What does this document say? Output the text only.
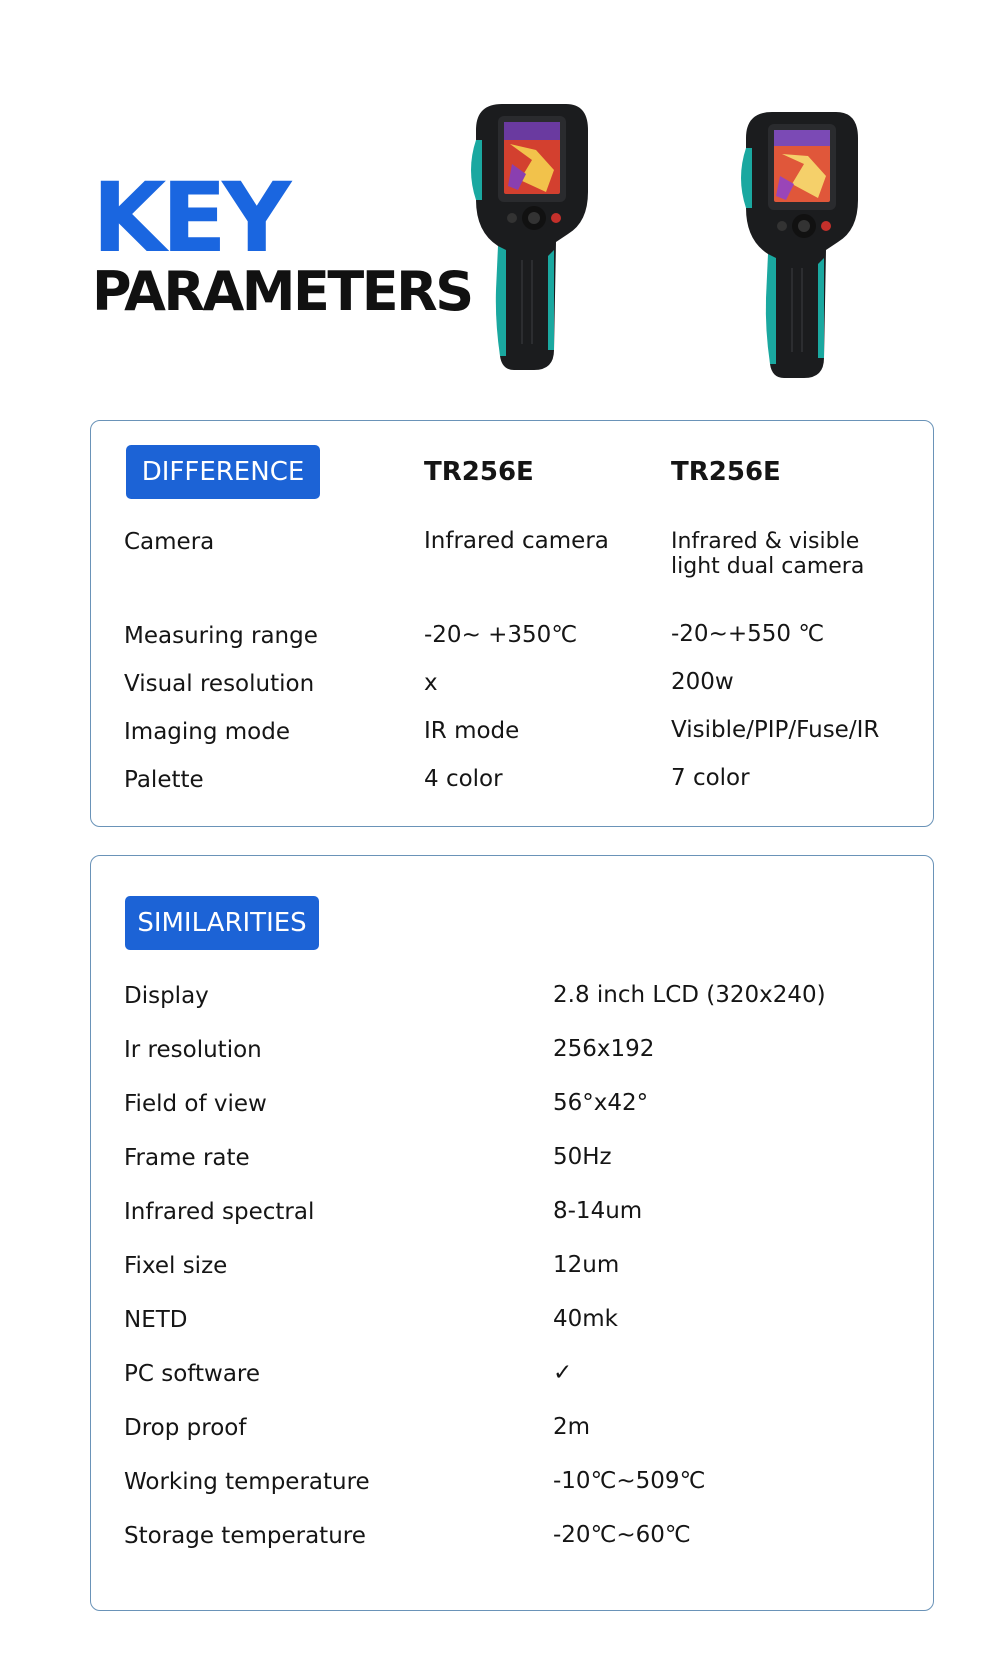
KEY
PARAMETERS
DIFFERENCE	TR256E	TR256E
Camera	Infrared camera	Infrared & visible light dual camera
Measuring range	-20~ +350℃	-20~+550 ℃
Visual resolution	x	200w
Imaging mode	IR mode	Visible/PIP/Fuse/IR
Palette	4 color	7 color
SIMILARITIES
Display	2.8 inch LCD (320x240)
Ir resolution	256x192
Field of view	56°x42°
Frame rate	50Hz
Infrared spectral	8-14um
Fixel size	12um
NETD	40mk
PC software	✓
Drop proof	2m
Working temperature	-10℃~509℃
Storage temperature	-20℃~60℃
